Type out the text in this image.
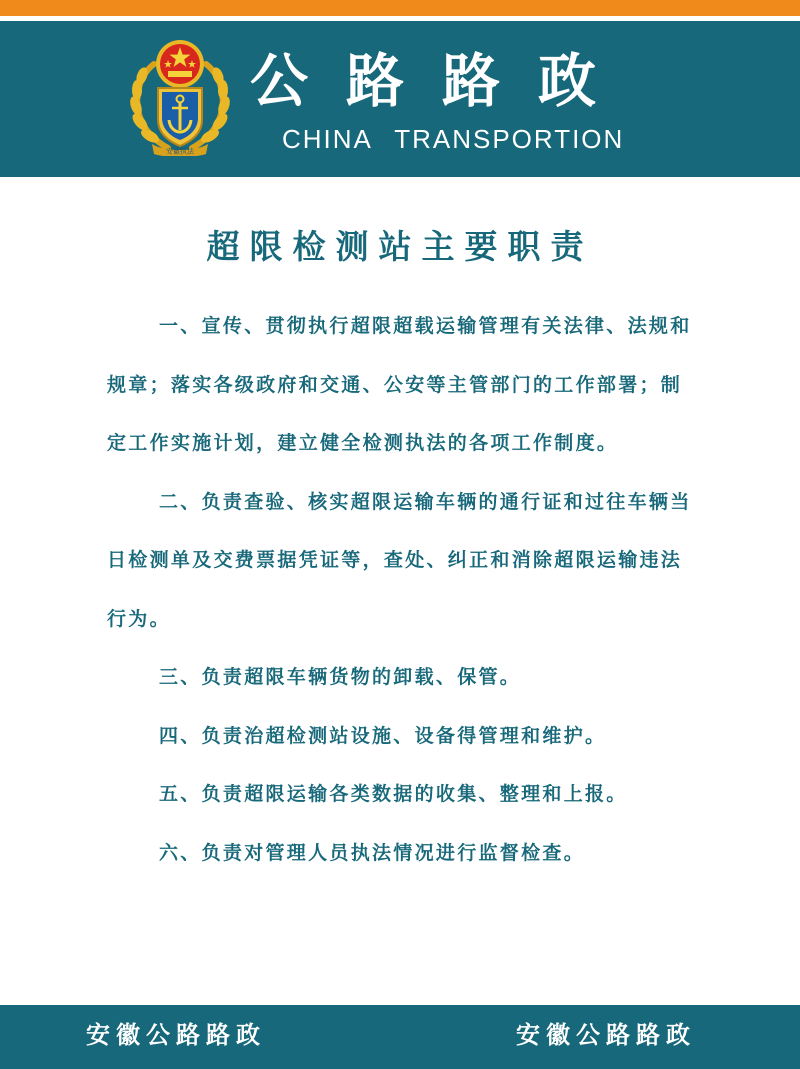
安徽执法
公路路政
CHINA TRANSPORTION
超限检测站主要职责

一、宣传、贯彻执行超限超载运输管理有关法律、法规和规章；落实各级政府和交通、公安等主管部门的工作部署；制定工作实施计划，建立健全检测执法的各项工作制度。

二、负责查验、核实超限运输车辆的通行证和过往车辆当日检测单及交费票据凭证等，查处、纠正和消除超限运输违法行为。

三、负责超限车辆货物的卸载、保管。

四、负责治超检测站设施、设备得管理和维护。

五、负责超限运输各类数据的收集、整理和上报。

六、负责对管理人员执法情况进行监督检查。

安徽公路路政	安徽公路路政
